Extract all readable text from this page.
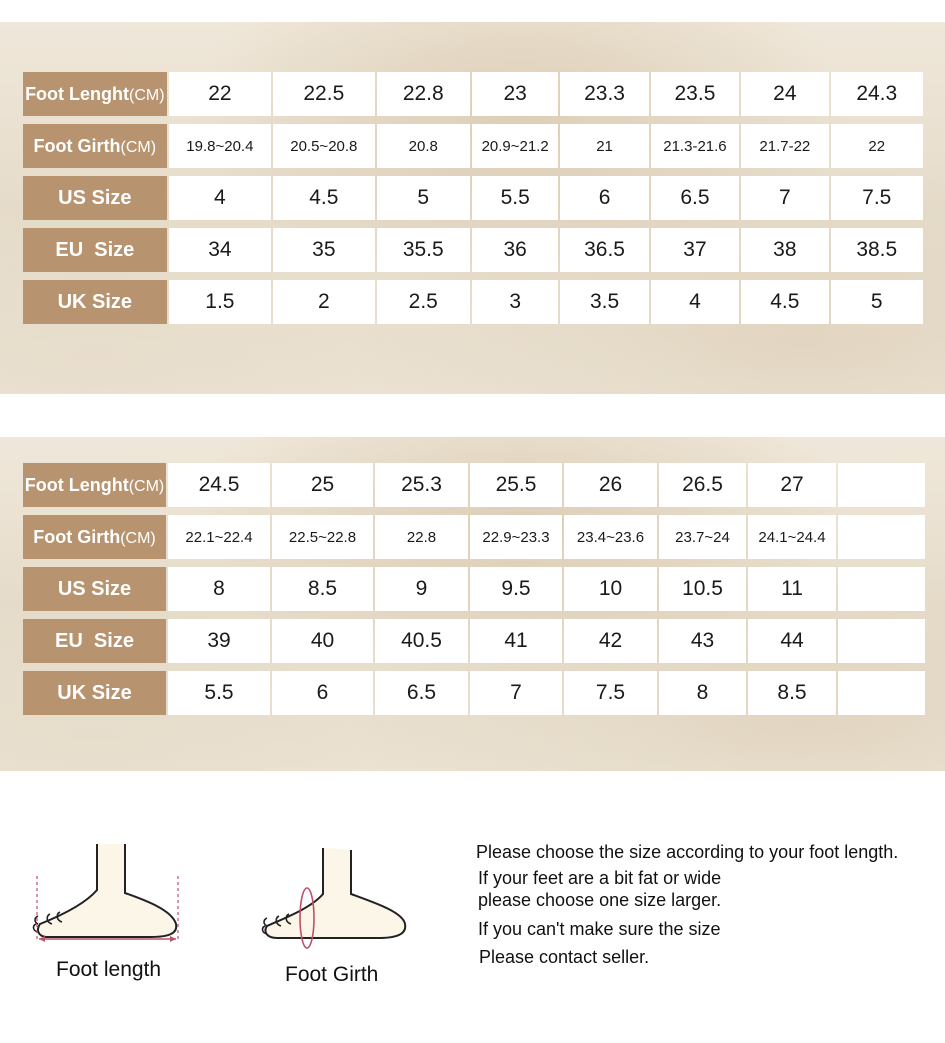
Foot Lenght(CM)	22	22.5	22.8	23	23.3	23.5	24	24.3
Foot Girth(CM)	19.8~20.4	20.5~20.8	20.8	20.9~21.2	21	21.3-21.6	21.7-22	22
US Size	4	4.5	5	5.5	6	6.5	7	7.5
EU  Size	34	35	35.5	36	36.5	37	38	38.5
UK Size	1.5	2	2.5	3	3.5	4	4.5	5
Foot Lenght(CM)	24.5	25	25.3	25.5	26	26.5	27	
Foot Girth(CM)	22.1~22.4	22.5~22.8	22.8	22.9~23.3	23.4~23.6	23.7~24	24.1~24.4	
US Size	8	8.5	9	9.5	10	10.5	11	
EU  Size	39	40	40.5	41	42	43	44	
UK Size	5.5	6	6.5	7	7.5	8	8.5	
Foot length	Foot Girth
Please choose the size according to your foot length.
If your feet are a bit fat or wide
please choose one size larger.
If you can't make sure the size
Please contact seller.
